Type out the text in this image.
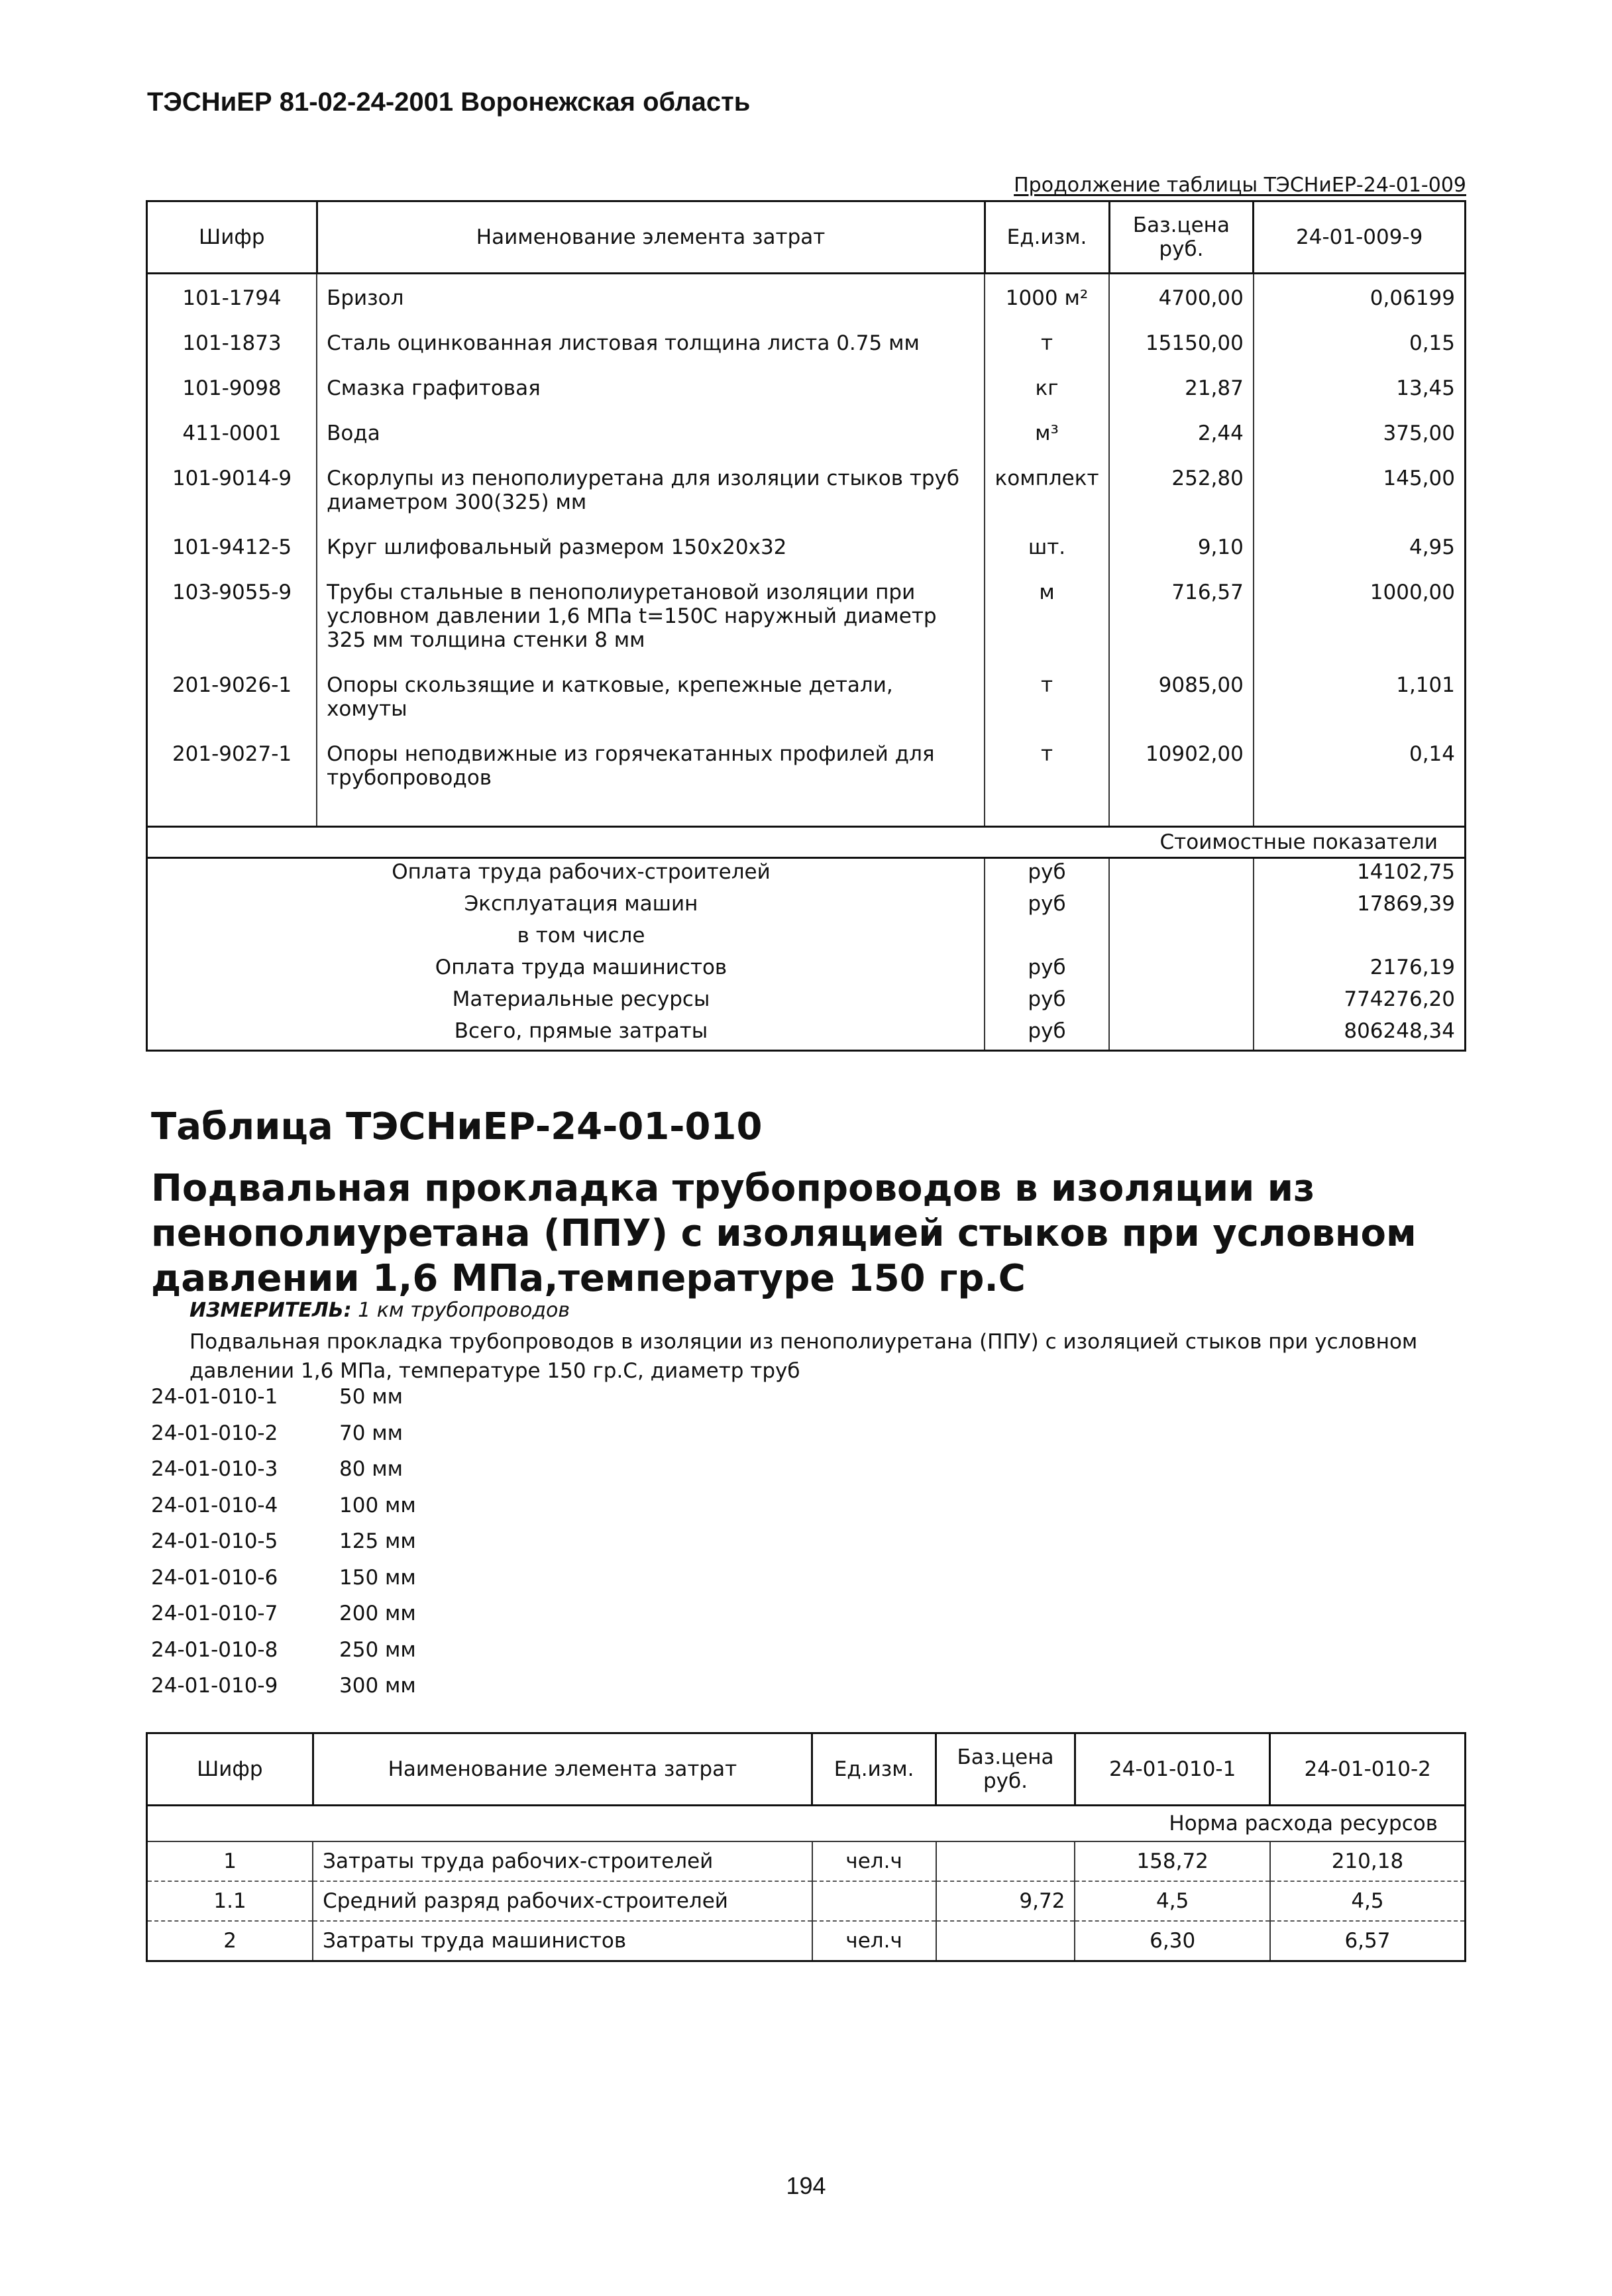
ТЭСНиЕР 81-02-24-2001 Воронежская область
Продолжение таблицы ТЭСНиЕР-24-01-009
Шифр	Наименование элемента затрат	Ед.изм.	Баз.цена руб.	24-01-009-9
101-1794	Бризол	1000 м²	4700,00	0,06199
101-1873	Сталь оцинкованная листовая толщина листа 0.75 мм	т	15150,00	0,15
101-9098	Смазка графитовая	кг	21,87	13,45
411-0001	Вода	м³	2,44	375,00
101-9014-9	Скорлупы из пенополиуретана для изоляции стыков труб диаметром 300(325) мм	комплект	252,80	145,00
101-9412-5	Круг шлифовальный размером 150х20х32	шт.	9,10	4,95
103-9055-9	Трубы стальные в пенополиуретановой изоляции при условном давлении 1,6 МПа t=150C наружный диаметр 325 мм толщина стенки 8 мм	м	716,57	1000,00
201-9026-1	Опоры скользящие и катковые, крепежные детали, хомуты	т	9085,00	1,101
201-9027-1	Опоры неподвижные из горячекатанных профилей для трубопроводов	т	10902,00	0,14

Стоимостные показатели				
Оплата труда рабочих-строителей		руб		14102,75
Эксплуатация машин		руб		17869,39
в том числе				
Оплата труда машинистов		руб		2176,19
Материальные ресурсы		руб		774276,20
Всего, прямые затраты		руб		806248,34
Таблица ТЭСНиЕР-24-01-010
Подвальная прокладка трубопроводов в изоляции из пенополиуретана (ППУ) с изоляцией стыков при условном давлении 1,6 МПа,температуре 150 гр.С
ИЗМЕРИТЕЛЬ: 1 км трубопроводов
Подвальная прокладка трубопроводов в изоляции из пенополиуретана (ППУ) с изоляцией стыков при условном давлении 1,6 МПа, температуре 150 гр.С, диаметр труб
24-01-010-1	50 мм
24-01-010-2	70 мм
24-01-010-3	80 мм
24-01-010-4	100 мм
24-01-010-5	125 мм
24-01-010-6	150 мм
24-01-010-7	200 мм
24-01-010-8	250 мм
24-01-010-9	300 мм
Шифр	Наименование элемента затрат	Ед.изм.	Баз.цена руб.	24-01-010-1	24-01-010-2
Норма расхода ресурсов					
1	Затраты труда рабочих-строителей	чел.ч		158,72	210,18
1.1	Средний разряд рабочих-строителей		9,72	4,5	4,5
2	Затраты труда машинистов	чел.ч		6,30	6,57
194
